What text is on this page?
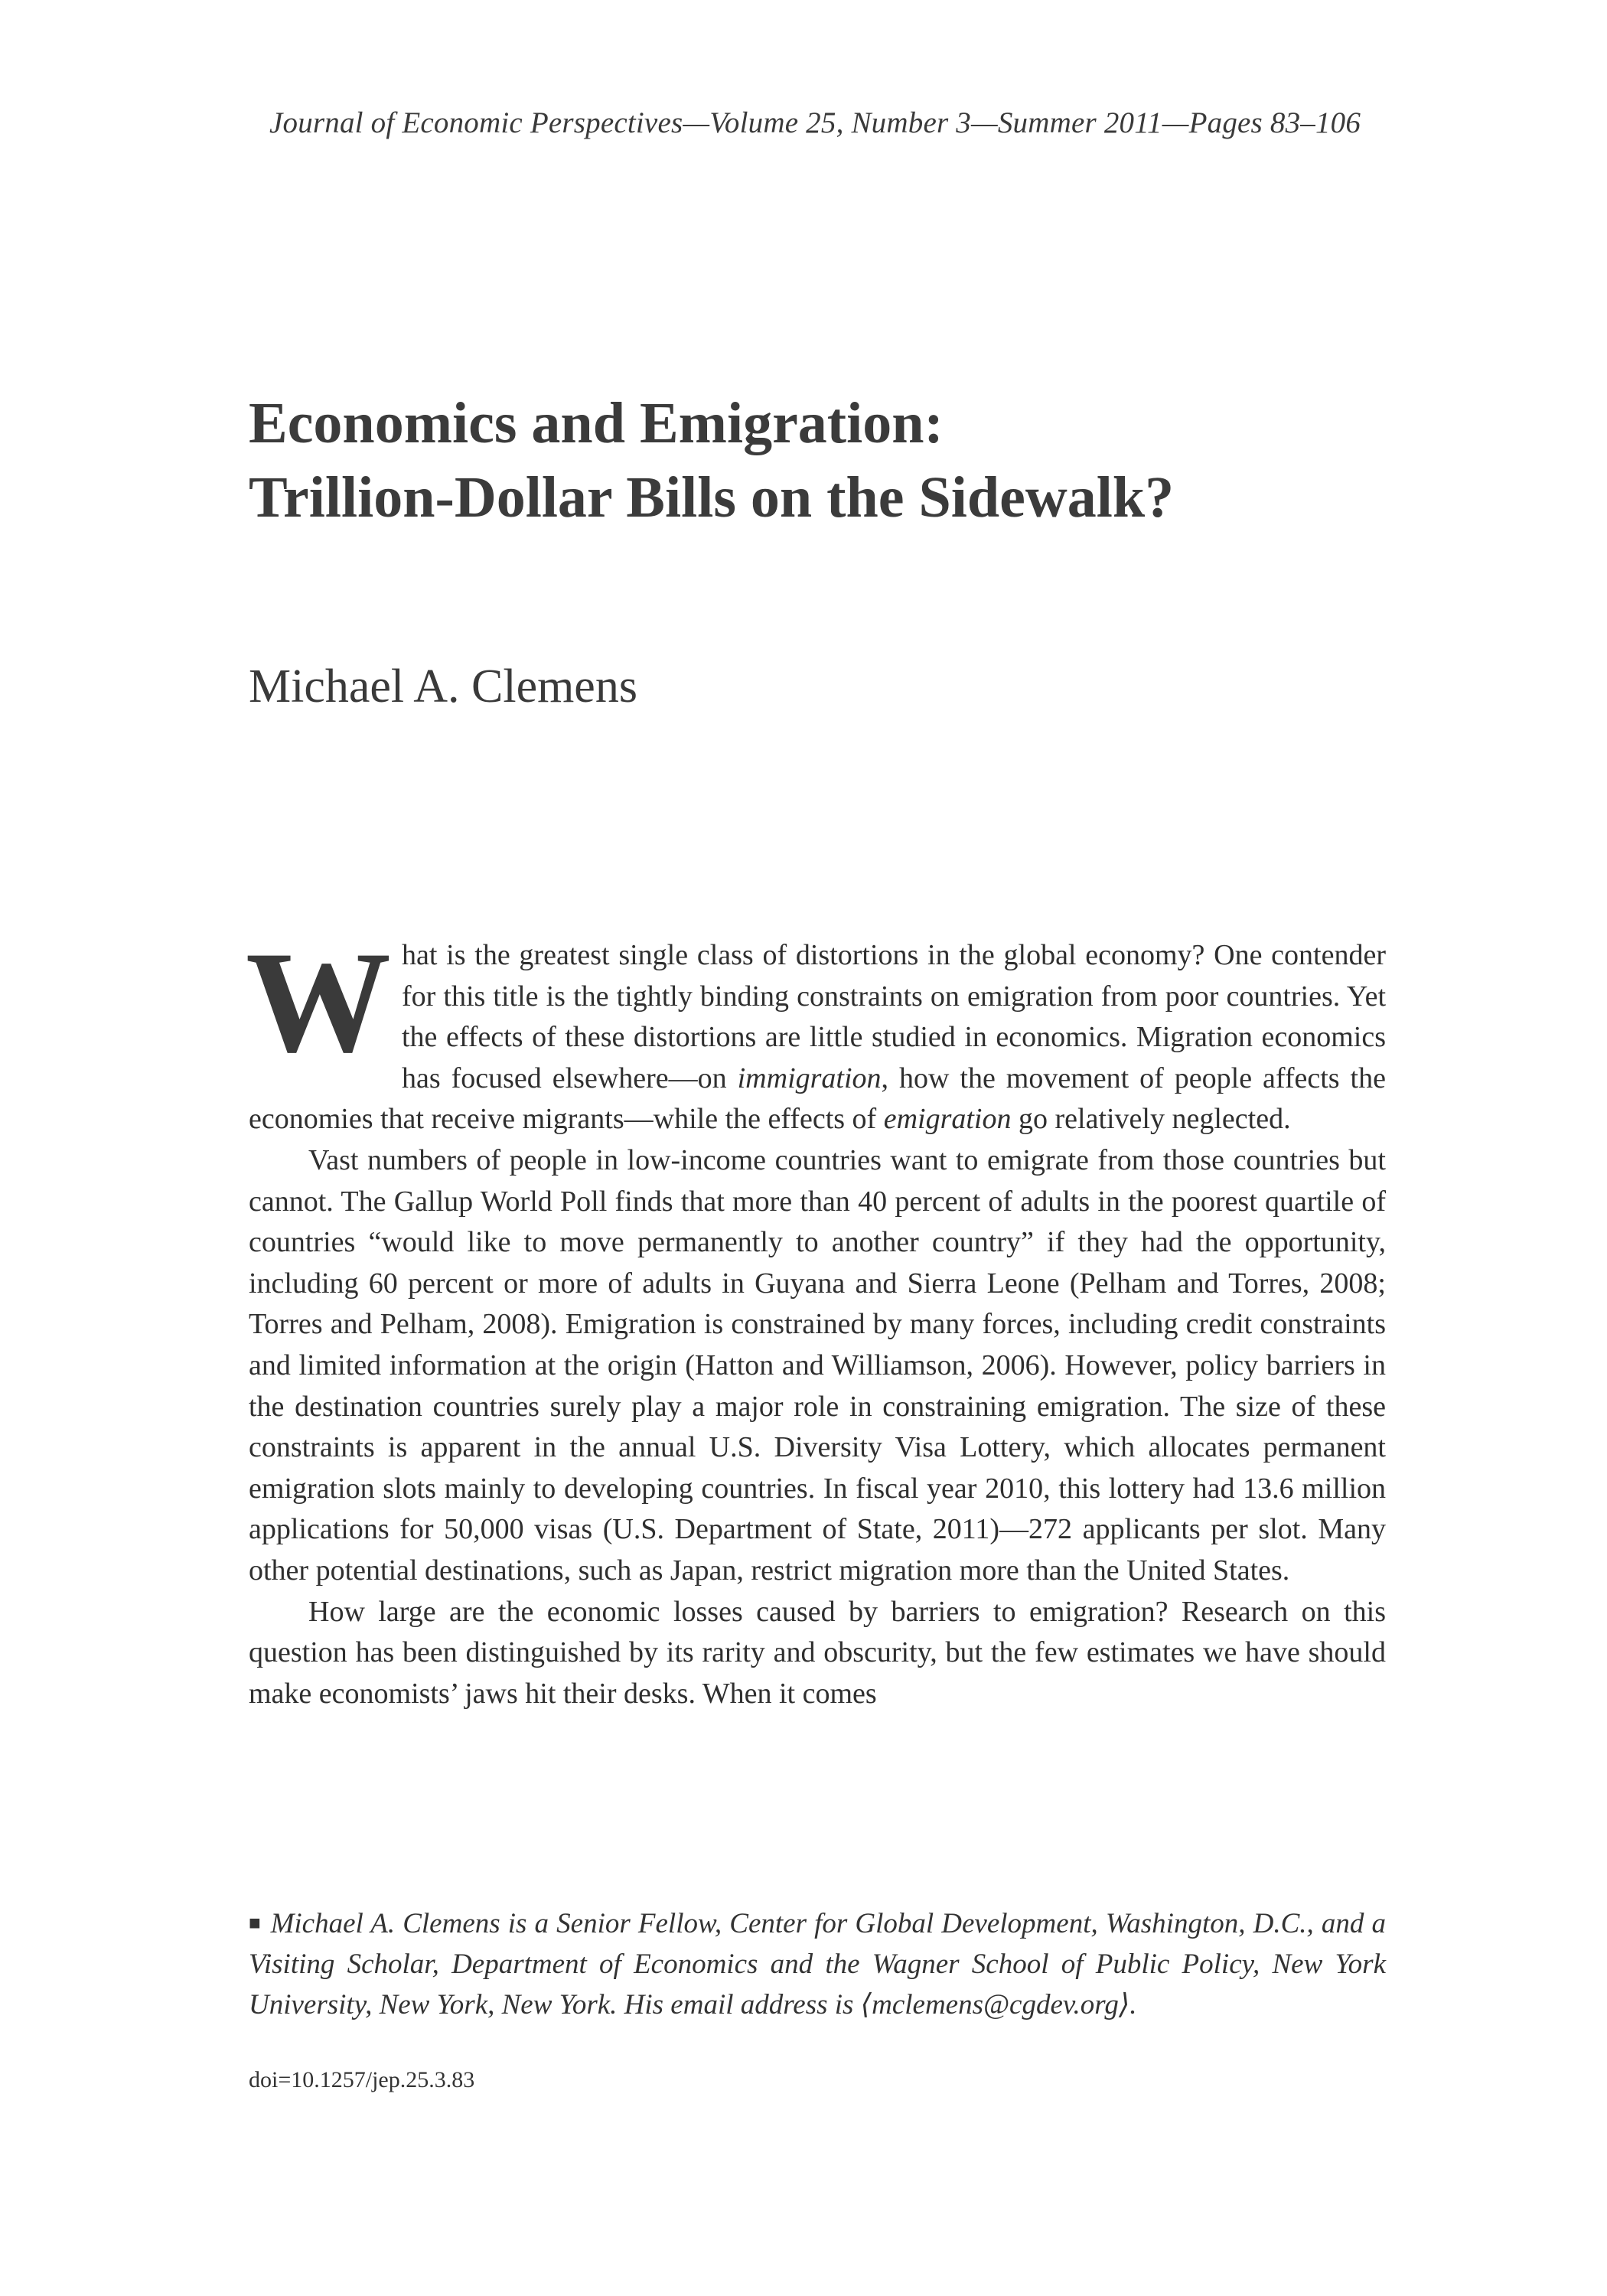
Journal of Economic Perspectives—Volume 25, Number 3—Summer 2011—Pages 83–106
Economics and Emigration:
Trillion-Dollar Bills on the Sidewalk?
Michael A. Clemens

What is the greatest single class of distortions in the global economy? One contender for this title is the tightly binding constraints on emigration from poor countries. Yet the effects of these distortions are little studied in economics. Migration economics has focused elsewhere—on immigration, how the movement of people affects the economies that receive migrants—while the effects of emigration go relatively neglected.

Vast numbers of people in low-income countries want to emigrate from those countries but cannot. The Gallup World Poll finds that more than 40 percent of adults in the poorest quartile of countries “would like to move permanently to another country” if they had the opportunity, including 60 percent or more of adults in Guyana and Sierra Leone (Pelham and Torres, 2008; Torres and Pelham, 2008). Emigration is constrained by many forces, including credit constraints and limited information at the origin (Hatton and Williamson, 2006). However, policy barriers in the destination countries surely play a major role in constraining emigration. The size of these constraints is apparent in the annual U.S. Diversity Visa Lottery, which allocates permanent emigration slots mainly to developing countries. In fiscal year 2010, this lottery had 13.6 million applications for 50,000 visas (U.S. Department of State, 2011)—272 applicants per slot. Many other potential destinations, such as Japan, restrict migration more than the United States.

How large are the economic losses caused by barriers to emigration? Research on this question has been distinguished by its rarity and obscurity, but the few estimates we have should make economists’ jaws hit their desks. When it comes

■ Michael A. Clemens is a Senior Fellow, Center for Global Development, Washington, D.C., and a Visiting Scholar, Department of Economics and the Wagner School of Public Policy, New York University, New York, New York. His email address is ⟨mclemens@cgdev.org⟩.
doi=10.1257/jep.25.3.83
